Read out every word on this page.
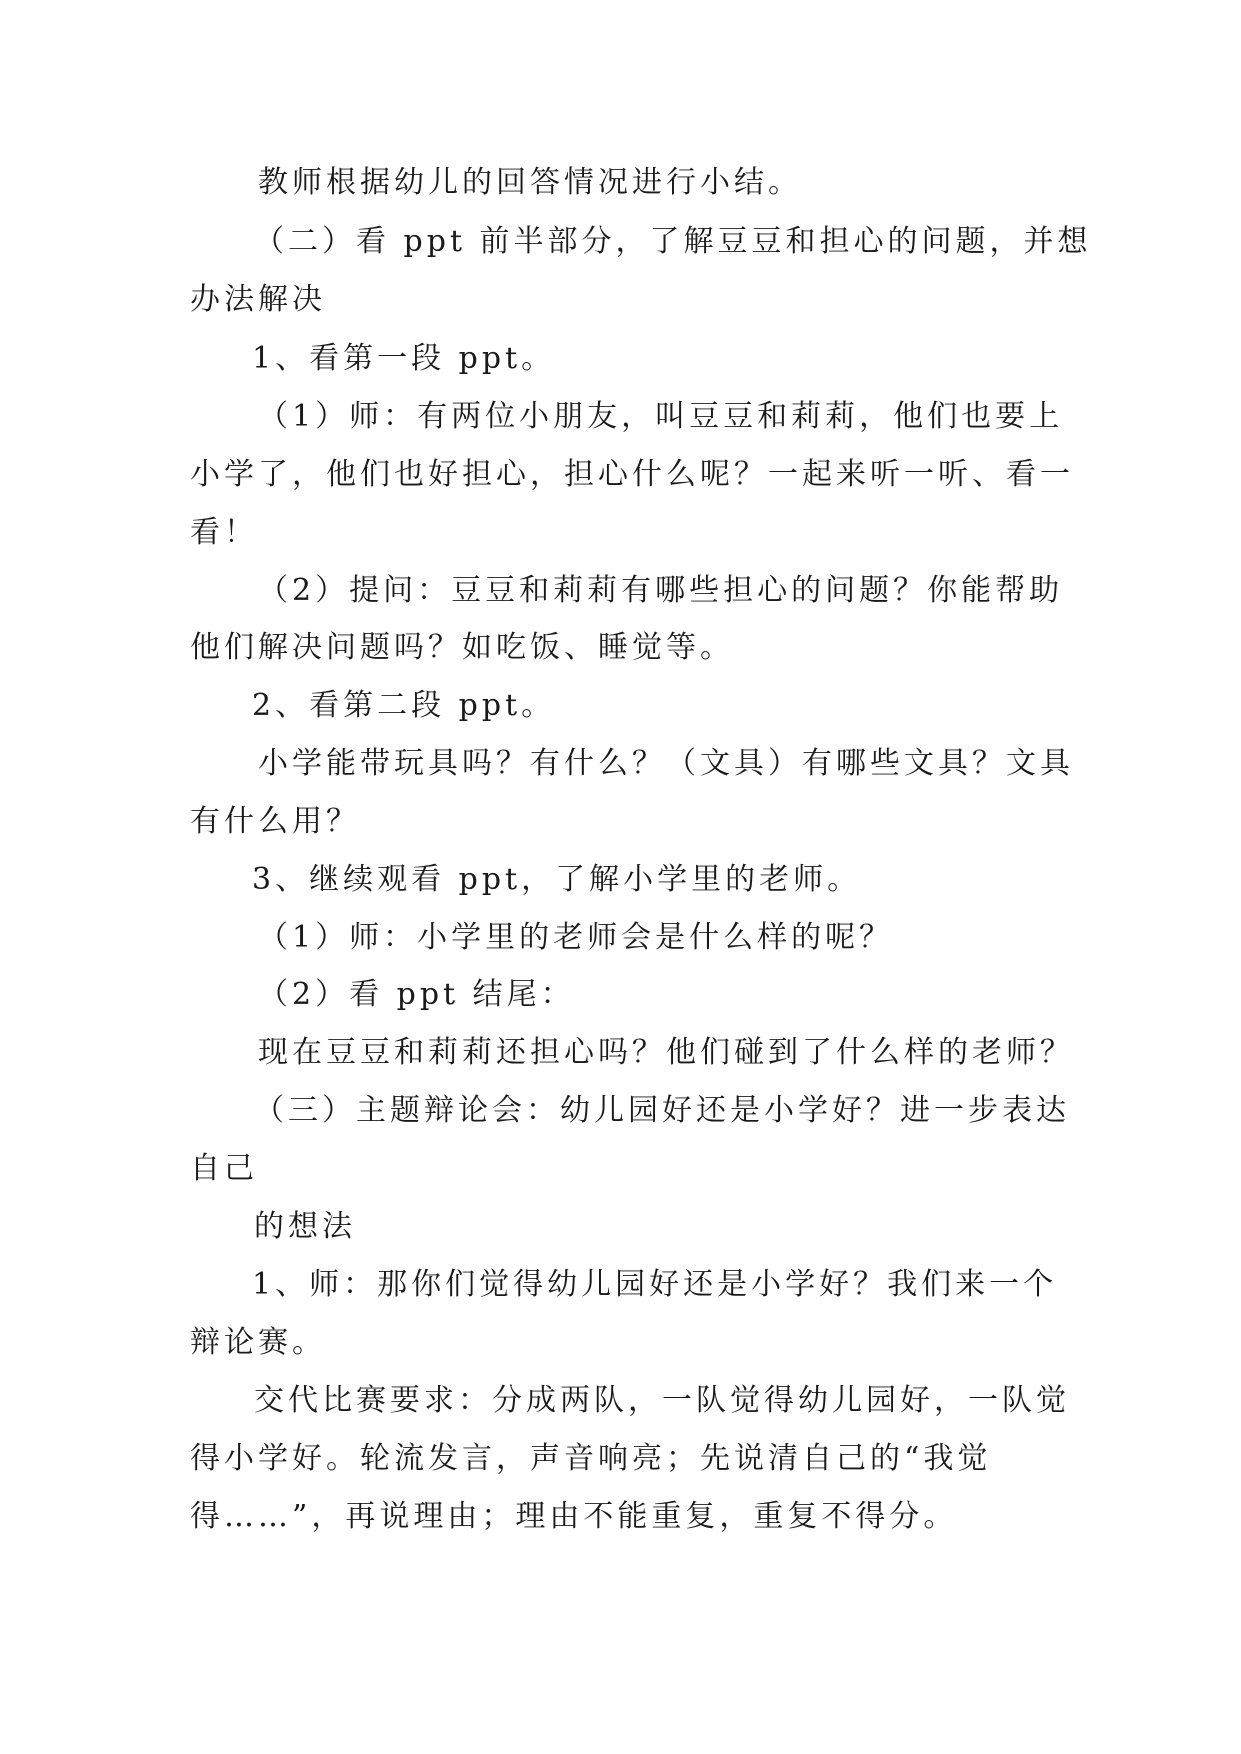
教师根据幼儿的回答情况进行小结。

（二）看 ppt 前半部分，了解豆豆和担心的问题，并想

办法解决

1、看第一段 ppt。

（1）师：有两位小朋友，叫豆豆和莉莉，他们也要上

小学了，他们也好担心，担心什么呢？一起来听一听、看一

看！

（2）提问：豆豆和莉莉有哪些担心的问题？你能帮助

他们解决问题吗？如吃饭、睡觉等。

2、看第二段 ppt。

小学能带玩具吗？有什么？（文具）有哪些文具？文具

有什么用？

3、继续观看 ppt，了解小学里的老师。

（1）师：小学里的老师会是什么样的呢？

（2）看 ppt 结尾：

现在豆豆和莉莉还担心吗？他们碰到了什么样的老师？

（三）主题辩论会：幼儿园好还是小学好？进一步表达

自己

的想法

1、师：那你们觉得幼儿园好还是小学好？我们来一个

辩论赛。

交代比赛要求：分成两队，一队觉得幼儿园好，一队觉

得小学好。轮流发言，声音响亮；先说清自己的“我觉

得……”，再说理由；理由不能重复，重复不得分。
